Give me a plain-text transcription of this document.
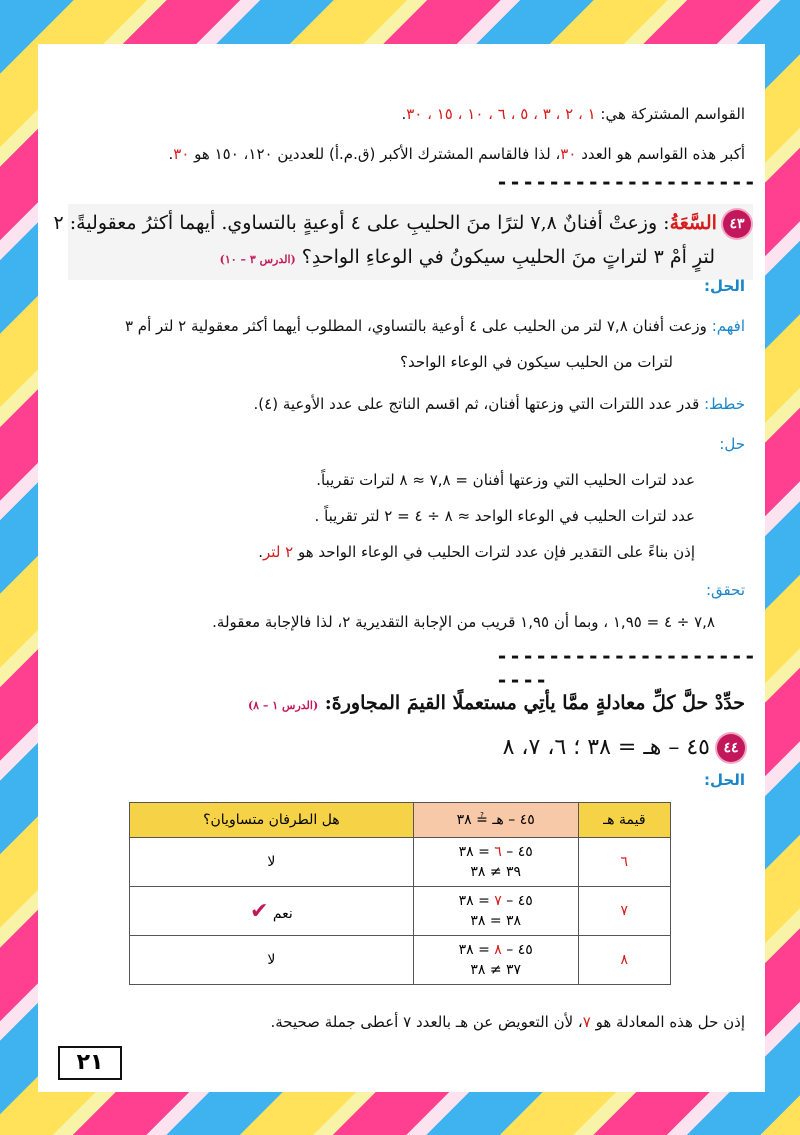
القواسم المشتركة هي: ١ ، ٢ ، ٣ ، ٥ ، ٦ ، ١٠ ، ١٥ ، ٣٠.
أكبر هذه القواسم هو العدد ٣٠، لذا فالقاسم المشترك الأكبر (ق.م.أ) للعددين ١٢٠، ١٥٠ هو ٣٠.
--------------------
٤٣ السَّعَةُ: وزعتْ أفنانٌ ٧,٨ لترًا منَ الحليبِ على ٤ أوعيةٍ بالتساوي. أيهما أكثرُ معقوليةً: ٢
لترٍ أمْ ٣ لتراتٍ منَ الحليبِ سيكونُ في الوعاءِ الواحدِ؟ (الدرس ٣ – ١٠)
الحل:
افهم: وزعت أفنان ٧,٨ لتر من الحليب على ٤ أوعية بالتساوي، المطلوب أيهما أكثر معقولية ٢ لتر أم ٣
لترات من الحليب سيكون في الوعاء الواحد؟
خطط: قدر عدد اللترات التي وزعتها أفنان، ثم اقسم الناتج على عدد الأوعية (٤).
حل:
عدد لترات الحليب التي وزعتها أفنان = ٧,٨ ≈ ٨ لترات تقريباً.
عدد لترات الحليب في الوعاء الواحد ≈ ٨ ÷ ٤ = ٢ لتر تقريباً .
إذن بناءً على التقدير فإن عدد لترات الحليب في الوعاء الواحد هو ٢ لتر.
تحقق:
٧,٨ ÷ ٤ = ١,٩٥ ، وبما أن ١,٩٥ قريب من الإجابة التقديرية ٢، لذا فالإجابة معقولة.
------------------------
حدِّدْ حلَّ كلِّ معادلةٍ ممَّا يأتِي مستعملًا القيمَ المجاورةَ: (الدرس ١ – ٨)
٤٤ ٤٥ – هـ = ٣٨ ؛ ٦، ٧، ٨
الحل:
قيمة هـ	٤٥ – هـ ≟ ٣٨	هل الطرفان متساويان؟
٦	٤٥ – ٦ = ٣٨
٣٩ ≠ ٣٨	لا
٧	٤٥ – ٧ = ٣٨
٣٨ = ٣٨	نعم ✔
٨	٤٥ – ٨ = ٣٨
٣٧ ≠ ٣٨	لا
إذن حل هذه المعادلة هو ٧، لأن التعويض عن هـ بالعدد ٧ أعطى جملة صحيحة.
٢١
